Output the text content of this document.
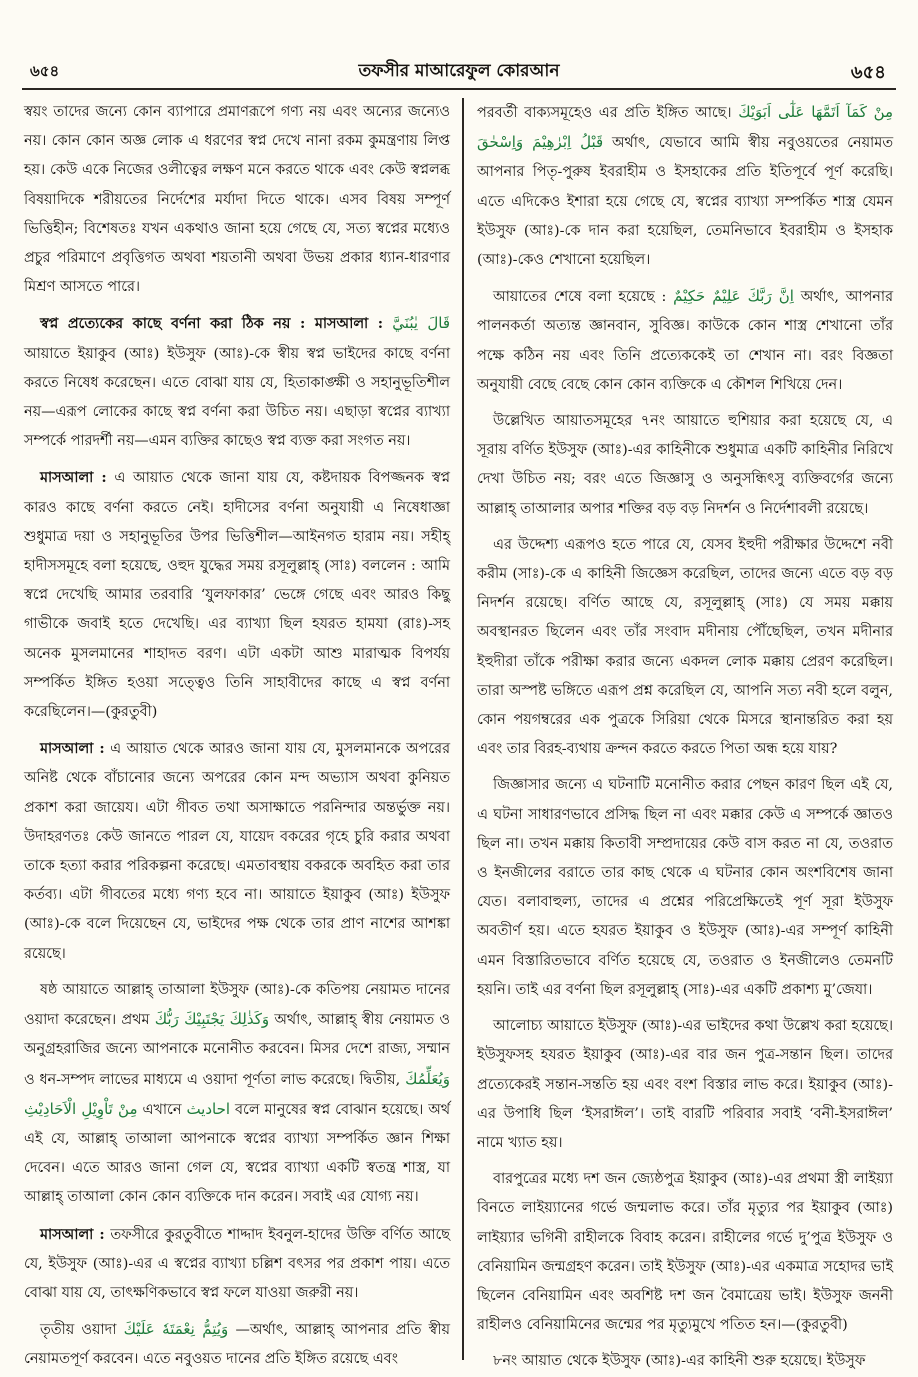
৬৫৪	তফসীর মাআরেফুল কোরআন	৬৫৪

স্বয়ং তাদের জন্যে কোন ব্যাপারে প্রমাণরূপে গণ্য নয় এবং অন্যের জন্যেও নয়। কোন কোন অজ্ঞ লোক এ ধরণের স্বপ্ন দেখে নানা রকম কুমন্ত্রণায় লিপ্ত হয়। কেউ একে নিজের ওলীত্বের লক্ষণ মনে করতে থাকে এবং কেউ স্বপ্নলব্ধ বিষয়াদিকে শরীয়তের নির্দেশের মর্যাদা দিতে থাকে। এসব বিষয় সম্পূর্ণ ভিত্তিহীন; বিশেষতঃ যখন একথাও জানা হয়ে গেছে যে, সত্য স্বপ্নের মধ্যেও প্রচুর পরিমাণে প্রবৃত্তিগত অথবা শয়তানী অথবা উভয় প্রকার ধ্যান-ধারণার মিশ্রণ আসতে পারে।

স্বপ্ন প্রত্যেকের কাছে বর্ণনা করা ঠিক নয় : মাসআলা : قَالَ يٰبُنَيَّ আয়াতে ইয়াকুব (আঃ) ইউসুফ (আঃ)-কে স্বীয় স্বপ্ন ভাইদের কাছে বর্ণনা করতে নিষেধ করেছেন। এতে বোঝা যায় যে, হিতাকাঙ্ক্ষী ও সহানুভূতিশীল নয়—এরূপ লোকের কাছে স্বপ্ন বর্ণনা করা উচিত নয়। এছাড়া স্বপ্নের ব্যাখ্যা সম্পর্কে পারদর্শী নয়—এমন ব্যক্তির কাছেও স্বপ্ন ব্যক্ত করা সংগত নয়।

মাসআলা : এ আয়াত থেকে জানা যায় যে, কষ্টদায়ক বিপজ্জনক স্বপ্ন কারও কাছে বর্ণনা করতে নেই। হাদীসের বর্ণনা অনুযায়ী এ নিষেধাজ্ঞা শুধুমাত্র দয়া ও সহানুভূতির উপর ভিত্তিশীল—আইনগত হারাম নয়। সহীহ্ হাদীসসমূহে বলা হয়েছে, ওহুদ যুদ্ধের সময় রসূলুল্লাহ্ (সাঃ) বললেন : আমি স্বপ্নে দেখেছি আমার তরবারি ‘যুলফাকার’ ভেঙ্গে গেছে এবং আরও কিছু গাভীকে জবাই হতে দেখেছি। এর ব্যাখ্যা ছিল হযরত হামযা (রাঃ)-সহ অনেক মুসলমানের শাহাদত বরণ। এটা একটা আশু মারাত্মক বিপর্যয় সম্পর্কিত ইঙ্গিত হওয়া সত্ত্বেও তিনি সাহাবীদের কাছে এ স্বপ্ন বর্ণনা করেছিলেন।—(কুরতুবী)

মাসআলা : এ আয়াত থেকে আরও জানা যায় যে, মুসলমানকে অপরের অনিষ্ট থেকে বাঁচানোর জন্যে অপরের কোন মন্দ অভ্যাস অথবা কুনিয়ত প্রকাশ করা জায়েয। এটা গীবত তথা অসাক্ষাতে পরনিন্দার অন্তর্ভুক্ত নয়। উদাহরণতঃ কেউ জানতে পারল যে, যায়েদ বকরের গৃহে চুরি করার অথবা তাকে হত্যা করার পরিকল্পনা করেছে। এমতাবস্থায় বকরকে অবহিত করা তার কর্তব্য। এটা গীবতের মধ্যে গণ্য হবে না। আয়াতে ইয়াকুব (আঃ) ইউসুফ (আঃ)-কে বলে দিয়েছেন যে, ভাইদের পক্ষ থেকে তার প্রাণ নাশের আশঙ্কা রয়েছে।

ষষ্ঠ আয়াতে আল্লাহ্ তাআলা ইউসুফ (আঃ)-কে কতিপয় নেয়ামত দানের ওয়াদা করেছেন। প্রথম وَكَذٰلِكَ يَجْتَبِيْكَ رَبُّكَ অর্থাৎ, আল্লাহ্ স্বীয় নেয়ামত ও অনুগ্রহরাজির জন্যে আপনাকে মনোনীত করবেন। মিসর দেশে রাজ্য, সম্মান ও ধন-সম্পদ লাভের মাধ্যমে এ ওয়াদা পূর্ণতা লাভ করেছে। দ্বিতীয়, وَيُعَلِّمُكَ مِنْ تَاْوِيْلِ الْاَحَادِيْثِ এখানে احاديث বলে মানুষের স্বপ্ন বোঝান হয়েছে। অর্থ এই যে, আল্লাহ্ তাআলা আপনাকে স্বপ্নের ব্যাখ্যা সম্পর্কিত জ্ঞান শিক্ষা দেবেন। এতে আরও জানা গেল যে, স্বপ্নের ব্যাখ্যা একটি স্বতন্ত্র শাস্ত্র, যা আল্লাহ্ তাআলা কোন কোন ব্যক্তিকে দান করেন। সবাই এর যোগ্য নয়।

মাসআলা : তফসীরে কুরতুবীতে শাদ্দাদ ইবনুল-হাদের উক্তি বর্ণিত আছে যে, ইউসুফ (আঃ)-এর এ স্বপ্নের ব্যাখ্যা চল্লিশ বৎসর পর প্রকাশ পায়। এতে বোঝা যায় যে, তাৎক্ষণিকভাবে স্বপ্ন ফলে যাওয়া জরুরী নয়।

তৃতীয় ওয়াদা وَيُتِمُّ نِعْمَتَهٗ عَلَيْكَ —অর্থাৎ, আল্লাহ্ আপনার প্রতি স্বীয় নেয়ামতপূর্ণ করবেন। এতে নবুওয়ত দানের প্রতি ইঙ্গিত রয়েছে এবং

পরবর্তী বাক্যসমূহেও এর প্রতি ইঙ্গিত আছে। كَمَآ اَتَمَّهَا عَلٰٓى اَبَوَيْكَ مِنْ قَبْلُ اِبْرٰهِيْمَ وَاِسْحٰقَ অর্থাৎ, যেভাবে আমি স্বীয় নবুওয়তের নেয়ামত আপনার পিতৃ-পুরুষ ইবরাহীম ও ইসহাকের প্রতি ইতিপূর্বে পূর্ণ করেছি। এতে এদিকেও ইশারা হয়ে গেছে যে, স্বপ্নের ব্যাখ্যা সম্পর্কিত শাস্ত্র যেমন ইউসুফ (আঃ)-কে দান করা হয়েছিল, তেমনিভাবে ইবরাহীম ও ইসহাক (আঃ)-কেও শেখানো হয়েছিল।

আয়াতের শেষে বলা হয়েছে : اِنَّ رَبَّكَ عَلِيْمٌ حَكِيْمٌ অর্থাৎ, আপনার পালনকর্তা অত্যন্ত জ্ঞানবান, সুবিজ্ঞ। কাউকে কোন শাস্ত্র শেখানো তাঁর পক্ষে কঠিন নয় এবং তিনি প্রত্যেককেই তা শেখান না। বরং বিজ্ঞতা অনুযায়ী বেছে বেছে কোন কোন ব্যক্তিকে এ কৌশল শিখিয়ে দেন।

উল্লেখিত আয়াতসমূহের ৭নং আয়াতে হুশিয়ার করা হয়েছে যে, এ সূরায় বর্ণিত ইউসুফ (আঃ)-এর কাহিনীকে শুধুমাত্র একটি কাহিনীর নিরিখে দেখা উচিত নয়; বরং এতে জিজ্ঞাসু ও অনুসন্ধিৎসু ব্যক্তিবর্গের জন্যে আল্লাহ্ তাআলার অপার শক্তির বড় বড় নিদর্শন ও নির্দেশাবলী রয়েছে।

এর উদ্দেশ্য এরূপও হতে পারে যে, যেসব ইহুদী পরীক্ষার উদ্দেশে নবী করীম (সাঃ)-কে এ কাহিনী জিজ্ঞেস করেছিল, তাদের জন্যে এতে বড় বড় নিদর্শন রয়েছে। বর্ণিত আছে যে, রসূলুল্লাহ্ (সাঃ) যে সময় মক্কায় অবস্থানরত ছিলেন এবং তাঁর সংবাদ মদীনায় পৌঁছেছিল, তখন মদীনার ইহুদীরা তাঁকে পরীক্ষা করার জন্যে একদল লোক মক্কায় প্রেরণ করেছিল। তারা অস্পষ্ট ভঙ্গিতে এরূপ প্রশ্ন করেছিল যে, আপনি সত্য নবী হলে বলুন, কোন পয়গম্বরের এক পুত্রকে সিরিয়া থেকে মিসরে স্থানান্তরিত করা হয় এবং তার বিরহ-ব্যথায় ক্রন্দন করতে করতে পিতা অন্ধ হয়ে যায়?

জিজ্ঞাসার জন্যে এ ঘটনাটি মনোনীত করার পেছন কারণ ছিল এই যে, এ ঘটনা সাধারণভাবে প্রসিদ্ধ ছিল না এবং মক্কার কেউ এ সম্পর্কে জ্ঞাতও ছিল না। তখন মক্কায় কিতাবী সম্প্রদায়ের কেউ বাস করত না যে, তওরাত ও ইনজীলের বরাতে তার কাছ থেকে এ ঘটনার কোন অংশবিশেষ জানা যেত। বলাবাহুল্য, তাদের এ প্রশ্নের পরিপ্রেক্ষিতেই পূর্ণ সূরা ইউসুফ অবতীর্ণ হয়। এতে হযরত ইয়াকুব ও ইউসুফ (আঃ)-এর সম্পূর্ণ কাহিনী এমন বিস্তারিতভাবে বর্ণিত হয়েছে যে, তওরাত ও ইনজীলেও তেমনটি হয়নি। তাই এর বর্ণনা ছিল রসূলুল্লাহ্ (সাঃ)-এর একটি প্রকাশ্য মু’জেযা।

আলোচ্য আয়াতে ইউসুফ (আঃ)-এর ভাইদের কথা উল্লেখ করা হয়েছে। ইউসুফসহ হযরত ইয়াকুব (আঃ)-এর বার জন পুত্র-সন্তান ছিল। তাদের প্রত্যেকেরই সন্তান-সন্ততি হয় এবং বংশ বিস্তার লাভ করে। ইয়াকুব (আঃ)-এর উপাধি ছিল ‘ইসরাঈল’। তাই বারটি পরিবার সবাই ‘বনী-ইসরাঈল’ নামে খ্যাত হয়।

বারপুত্রের মধ্যে দশ জন জ্যেষ্ঠপুত্র ইয়াকুব (আঃ)-এর প্রথমা স্ত্রী লাইয়্যা বিনতে লাইয়্যানের গর্ভে জন্মলাভ করে। তাঁর মৃত্যুর পর ইয়াকুব (আঃ) লাইয়্যার ভগিনী রাহীলকে বিবাহ করেন। রাহীলের গর্ভে দু’পুত্র ইউসুফ ও বেনিয়ামিন জন্মগ্রহণ করেন। তাই ইউসুফ (আঃ)-এর একমাত্র সহোদর ভাই ছিলেন বেনিয়ামিন এবং অবশিষ্ট দশ জন বৈমাত্রেয় ভাই। ইউসুফ জননী রাহীলও বেনিয়ামিনের জন্মের পর মৃত্যুমুখে পতিত হন।—(কুরতুবী)

৮নং আয়াত থেকে ইউসুফ (আঃ)-এর কাহিনী শুরু হয়েছে। ইউসুফ
